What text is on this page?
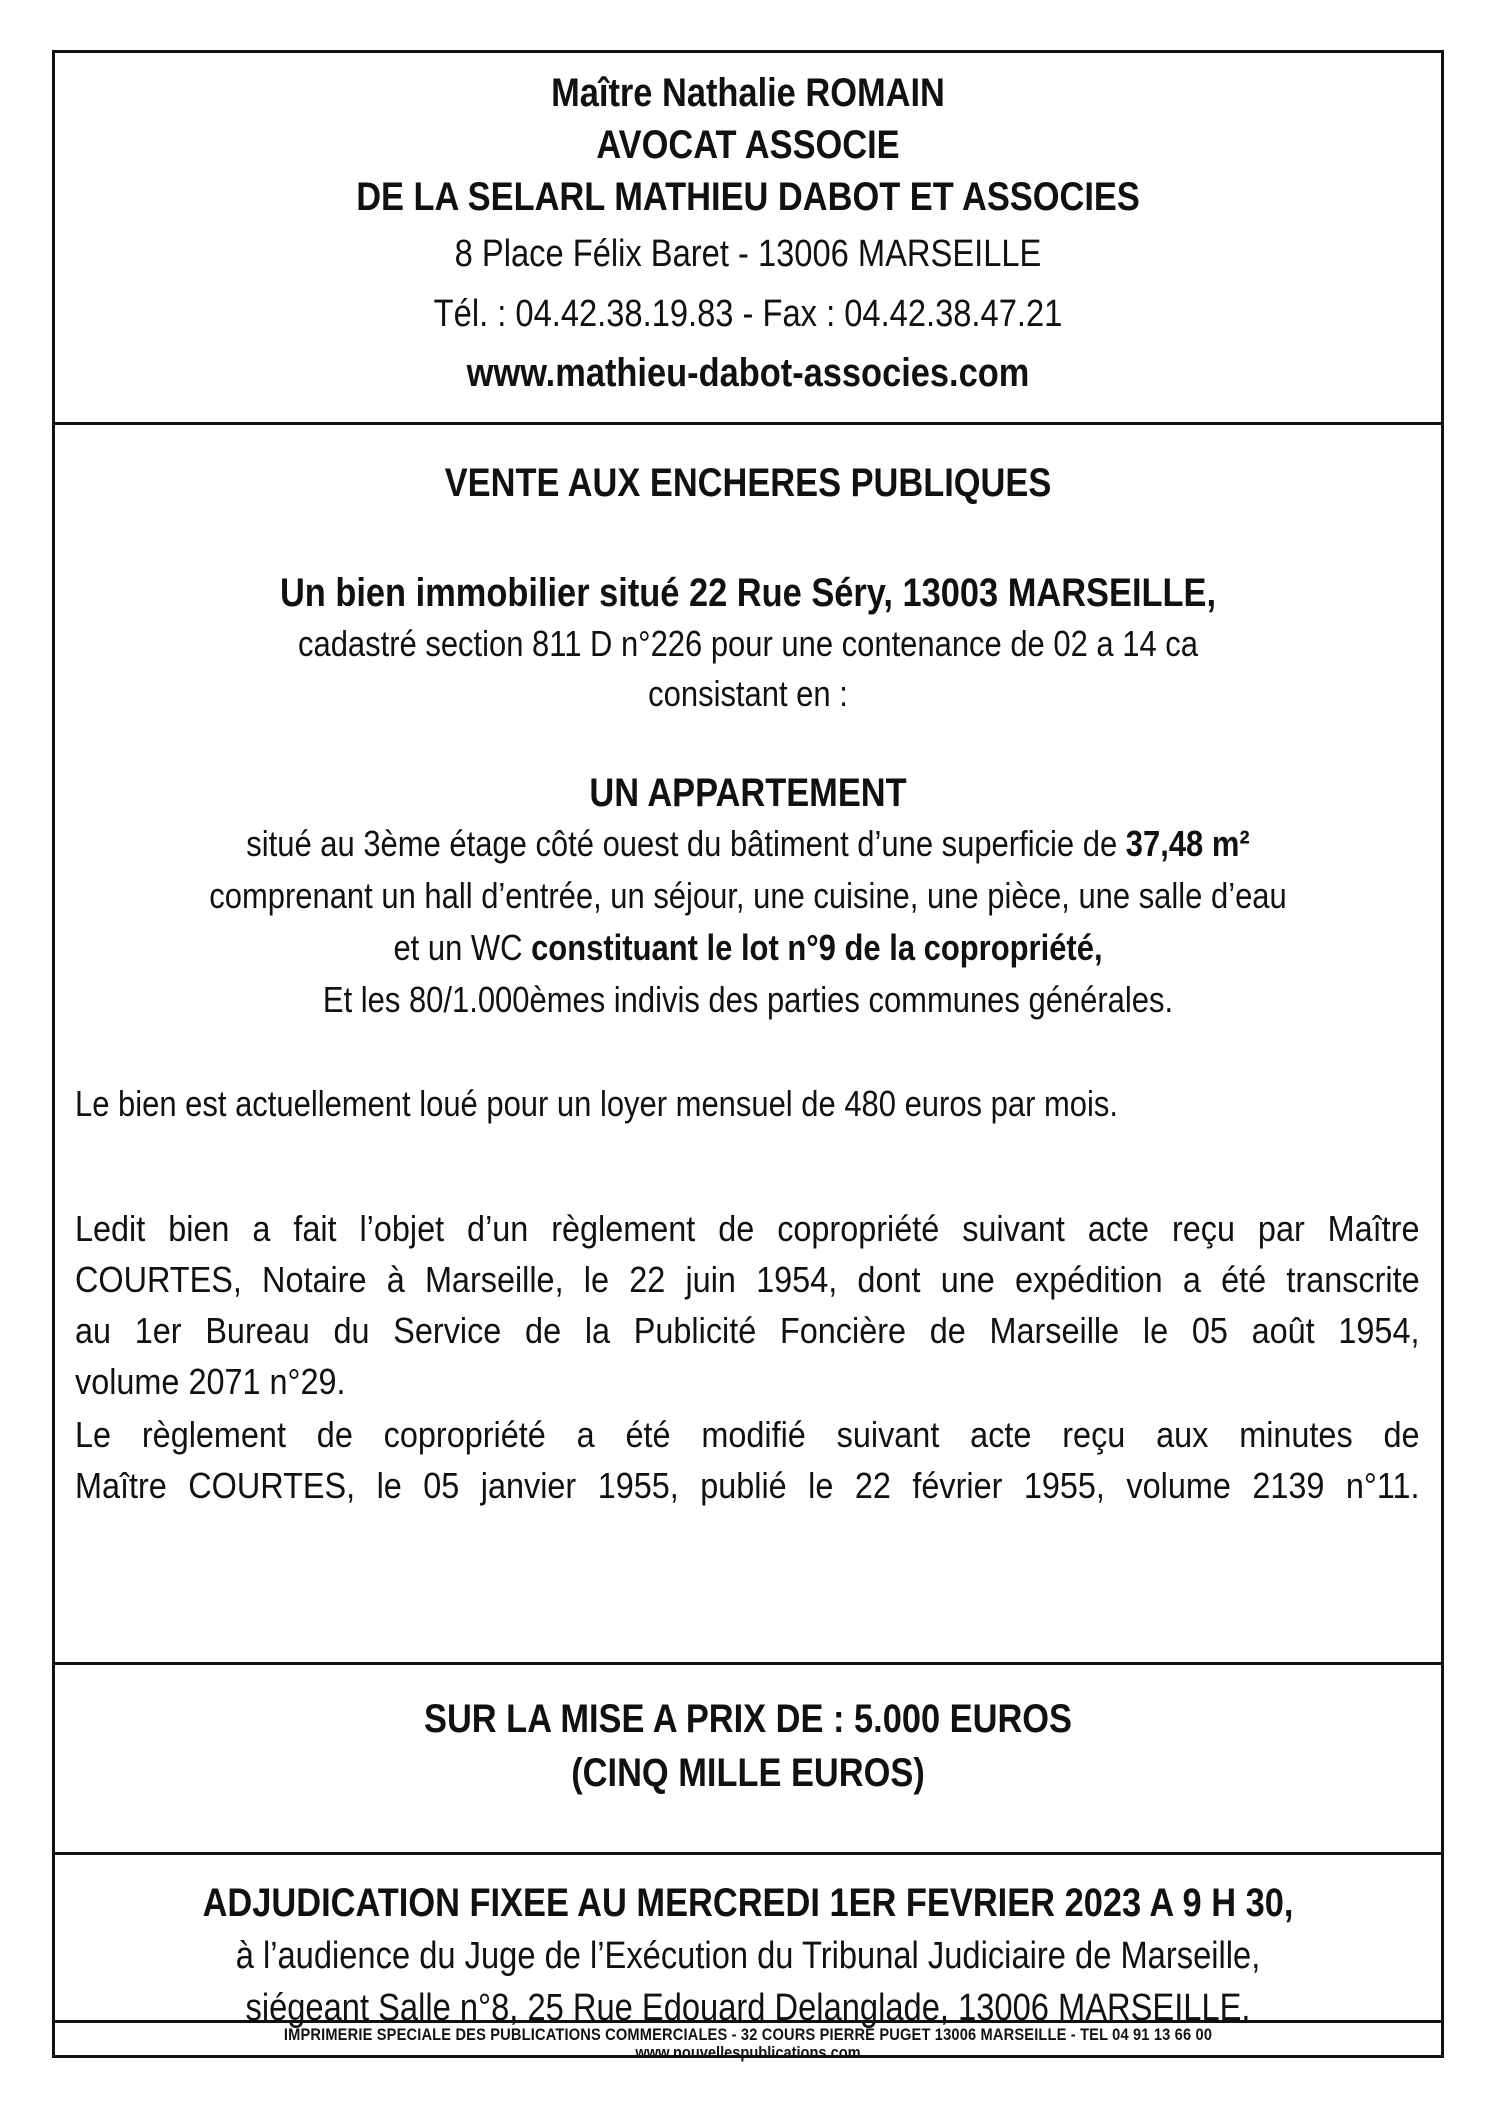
Maître Nathalie ROMAIN
AVOCAT ASSOCIE
DE LA SELARL MATHIEU DABOT ET ASSOCIES
8 Place Félix Baret - 13006 MARSEILLE
Tél. : 04.42.38.19.83 - Fax : 04.42.38.47.21
www.mathieu-dabot-associes.com
VENTE AUX ENCHERES PUBLIQUES
Un bien immobilier situé 22 Rue Séry, 13003 MARSEILLE,
cadastré section 811 D n°226 pour une contenance de 02 a 14 ca
consistant en :
UN APPARTEMENT
situé au 3ème étage côté ouest du bâtiment d’une superficie de 37,48 m²
comprenant un hall d’entrée, un séjour, une cuisine, une pièce, une salle d’eau
et un WC constituant le lot n°9 de la copropriété,
Et les 80/1.000èmes indivis des parties communes générales.
Le bien est actuellement loué pour un loyer mensuel de 480 euros par mois.
Ledit bien a fait l’objet d’un règlement de copropriété suivant acte reçu par Maître
COURTES, Notaire à Marseille, le 22 juin 1954, dont une expédition a été transcrite
au 1er Bureau du Service de la Publicité Foncière de Marseille le 05 août 1954,
volume 2071 n°29.
Le règlement de copropriété a été modifié suivant acte reçu aux minutes de
Maître COURTES, le 05 janvier 1955, publié le 22 février 1955, volume 2139 n°11.
SUR LA MISE A PRIX DE : 5.000 EUROS
(CINQ MILLE EUROS)
ADJUDICATION FIXEE AU MERCREDI 1ER FEVRIER 2023 A 9 H 30,
à l’audience du Juge de l’Exécution du Tribunal Judiciaire de Marseille,
siégeant Salle n°8, 25 Rue Edouard Delanglade, 13006 MARSEILLE.
IMPRIMERIE SPECIALE DES PUBLICATIONS COMMERCIALES - 32 COURS PIERRE PUGET 13006 MARSEILLE - TEL 04 91 13 66 00
www.nouvellespublications.com
